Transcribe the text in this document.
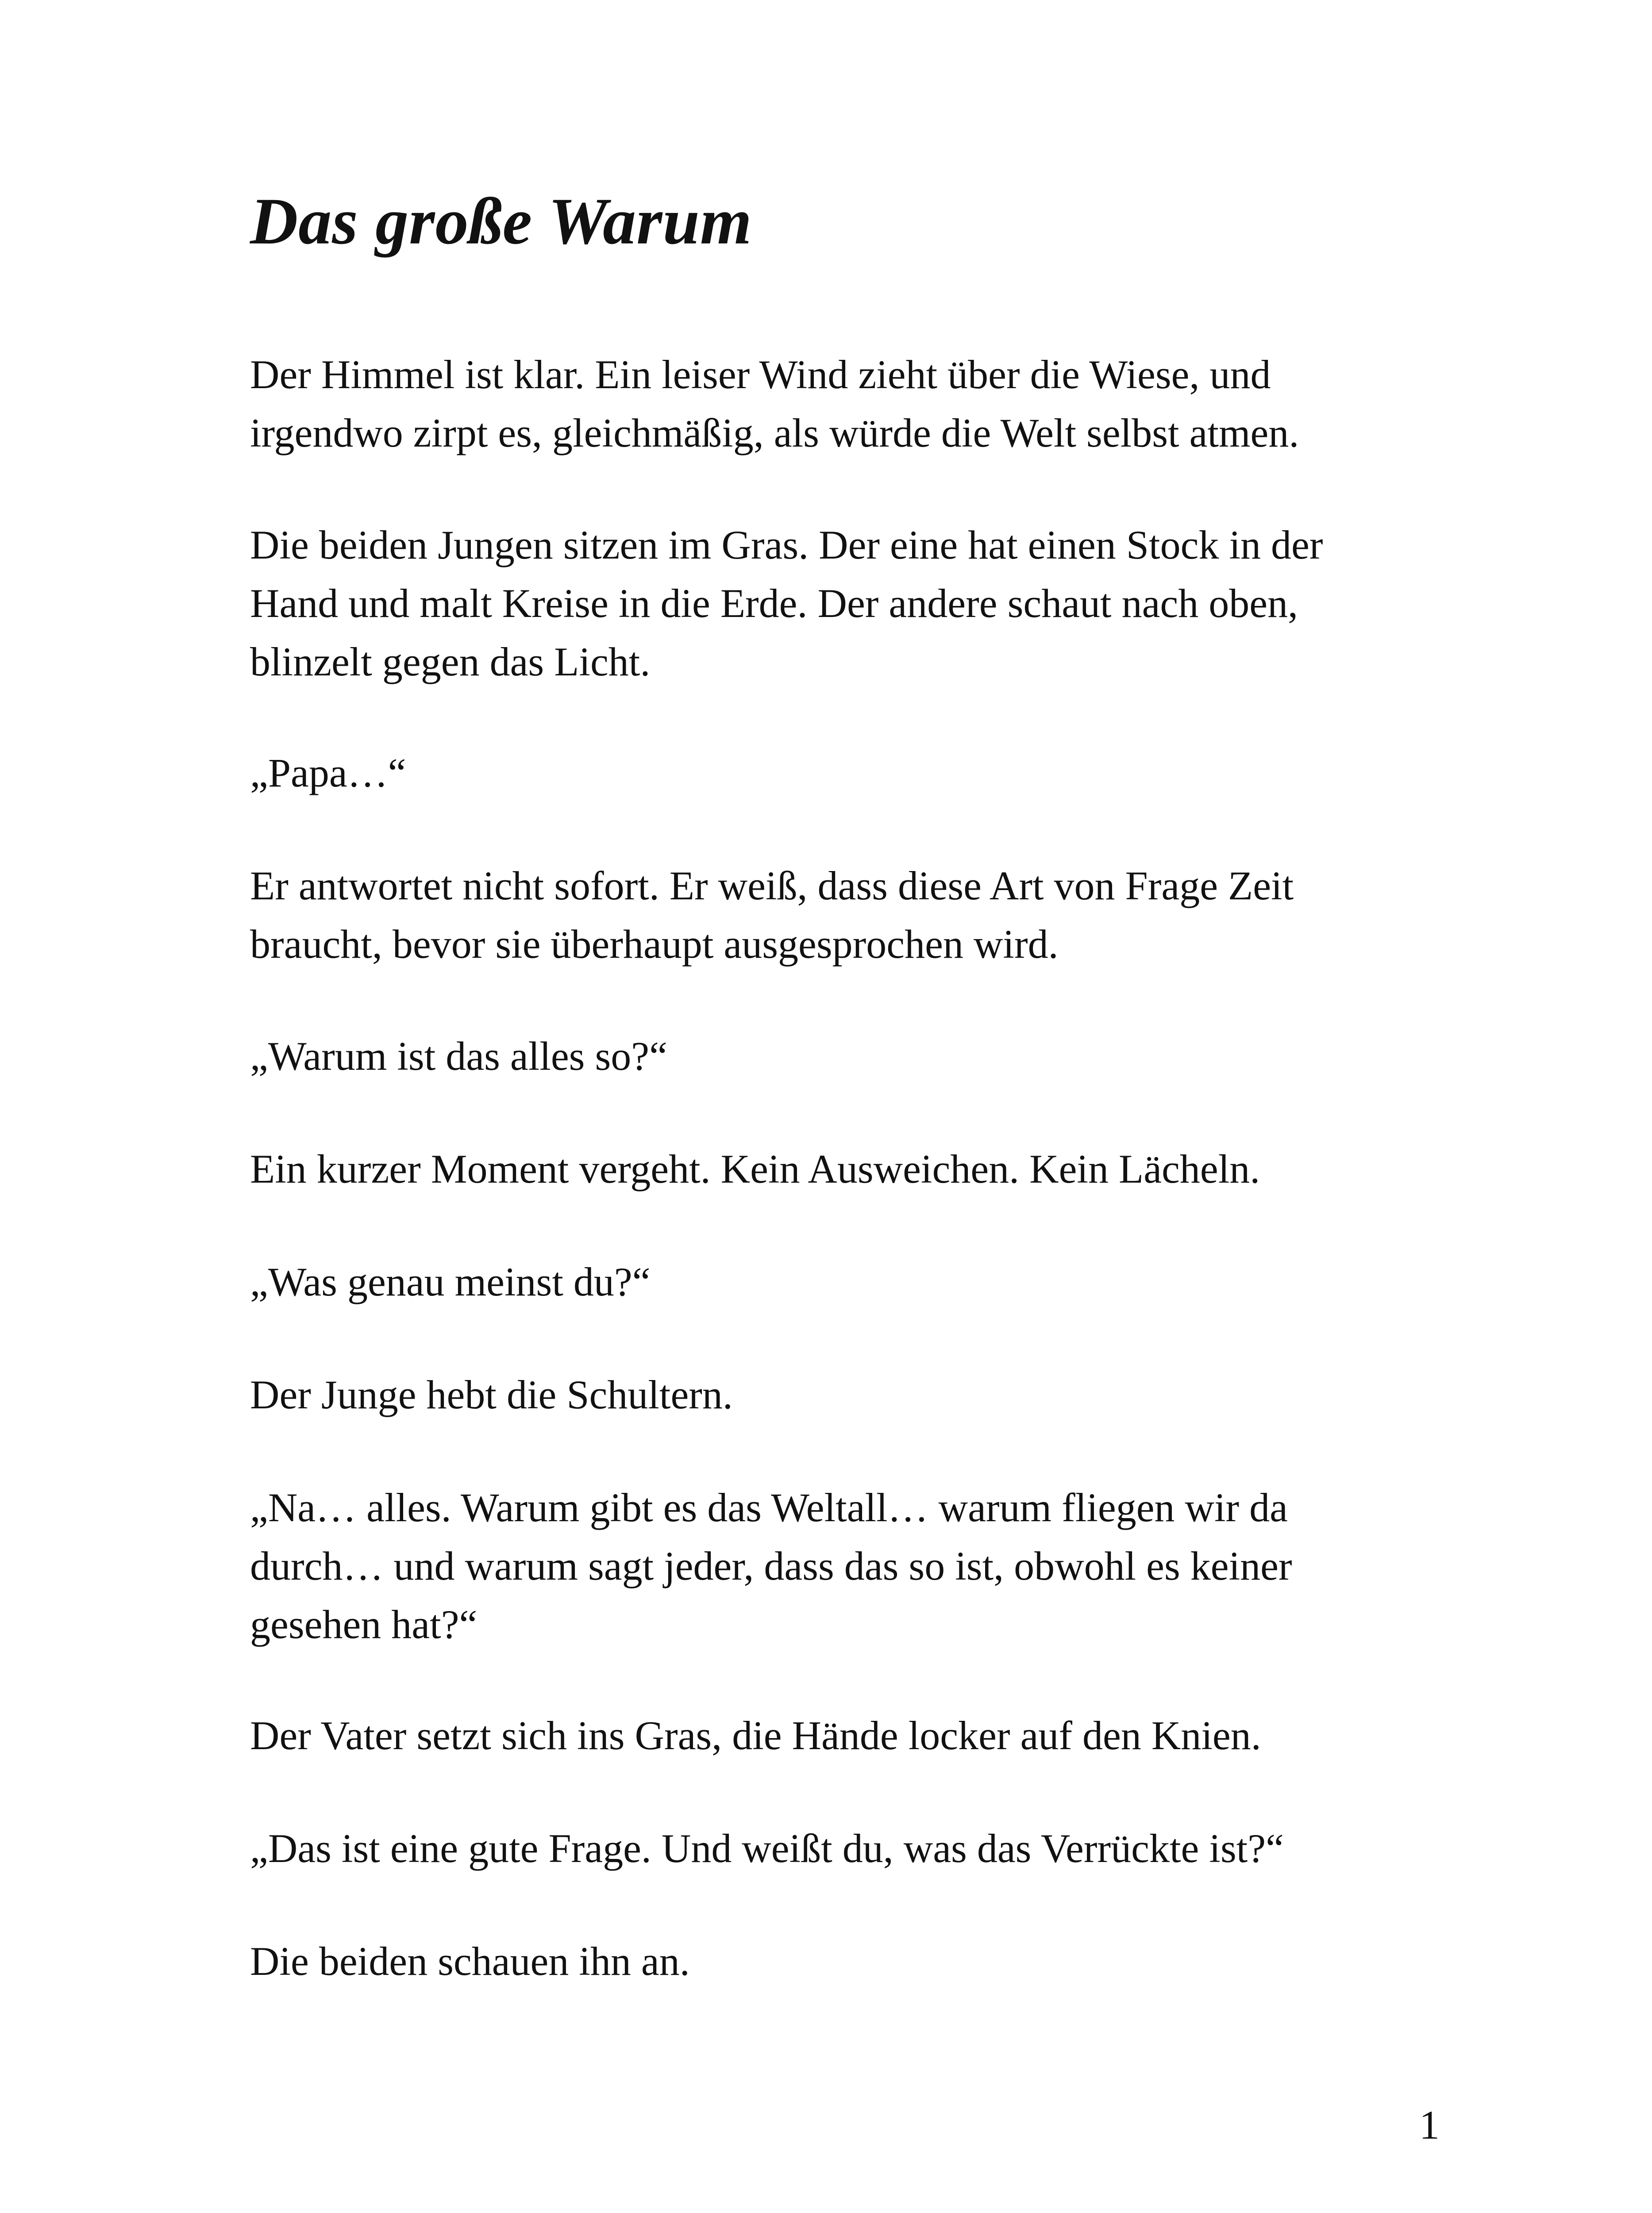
Das große Warum

Der Himmel ist klar. Ein leiser Wind zieht über die Wiese, und
irgendwo zirpt es, gleichmäßig, als würde die Welt selbst atmen.

Die beiden Jungen sitzen im Gras. Der eine hat einen Stock in der
Hand und malt Kreise in die Erde. Der andere schaut nach oben,
blinzelt gegen das Licht.

„Papa…“

Er antwortet nicht sofort. Er weiß, dass diese Art von Frage Zeit
braucht, bevor sie überhaupt ausgesprochen wird.

„Warum ist das alles so?“

Ein kurzer Moment vergeht. Kein Ausweichen. Kein Lächeln.

„Was genau meinst du?“

Der Junge hebt die Schultern.

„Na… alles. Warum gibt es das Weltall… warum fliegen wir da
durch… und warum sagt jeder, dass das so ist, obwohl es keiner
gesehen hat?“

Der Vater setzt sich ins Gras, die Hände locker auf den Knien.

„Das ist eine gute Frage. Und weißt du, was das Verrückte ist?“

Die beiden schauen ihn an.

1
